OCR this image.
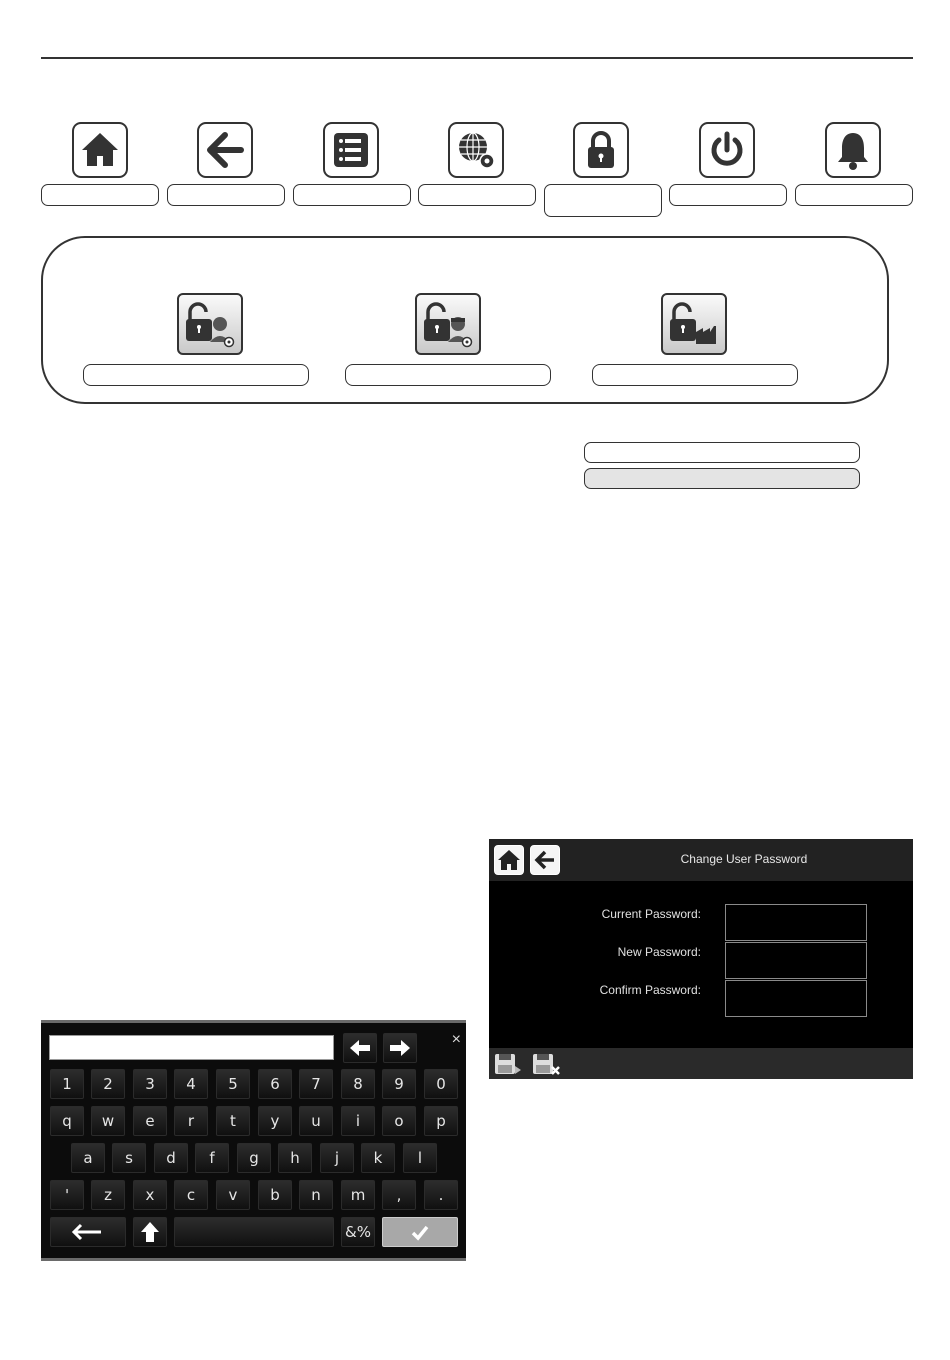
×
1	2	3	4	5	6	7	8	9	0
q	w	e	r	t	y	u	i	o	p
a	s	d	f	g	h	j	k	l
'	z	x	c	v	b	n	m	,	.
&%
Change User Password
Current Password:
New Password:
Confirm Password:
